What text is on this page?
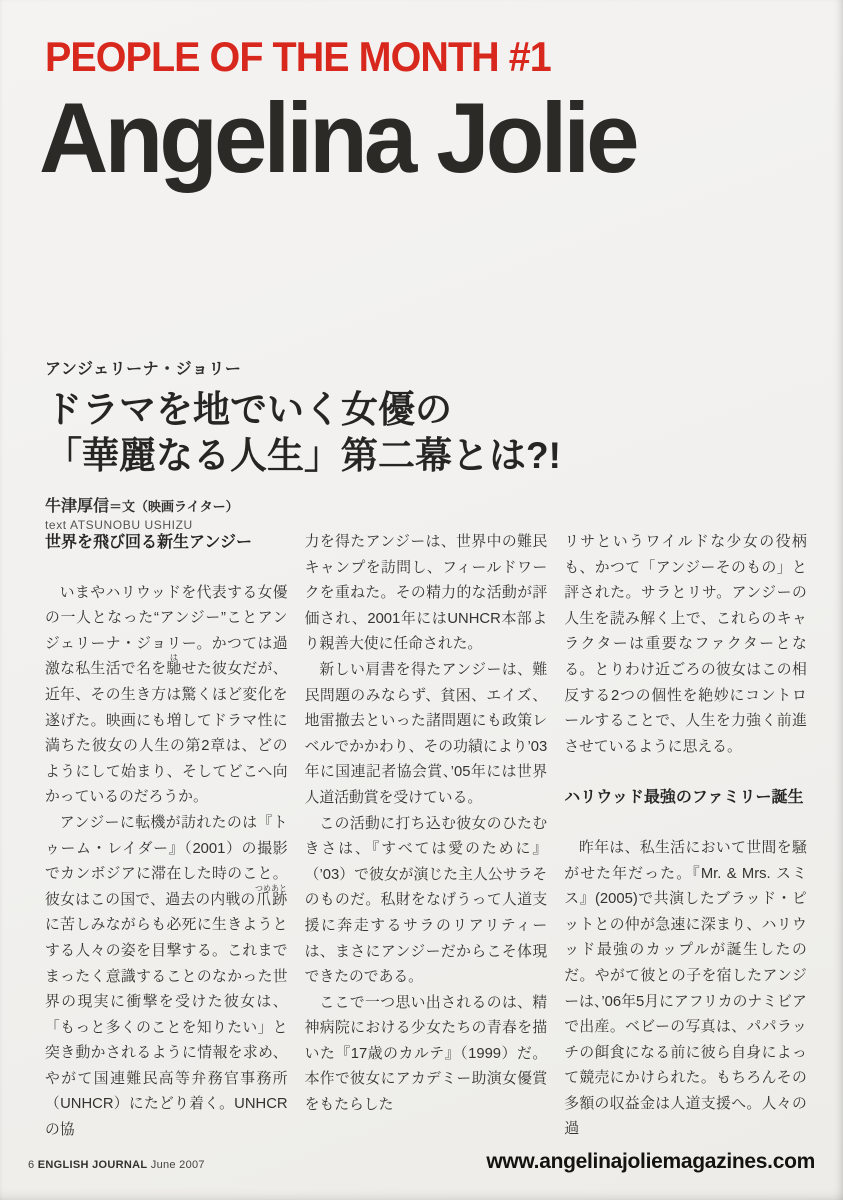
PEOPLE OF THE MONTH #1
Angelina Jolie
アンジェリーナ・ジョリー
ドラマを地でいく女優の
「華麗なる人生」第二幕とは?!
牛津厚信＝文（映画ライター）
text ATSUNOBU USHIZU
世界を飛び回る新生アンジー

いまやハリウッドを代表する女優の一人となった“アンジー”ことアンジェリーナ・ジョリー。かつては過激な私生活で名を馳はせた彼女だが、近年、その生き方は驚くほど変化を遂げた。映画にも増してドラマ性に満ちた彼女の人生の第2章は、どのようにして始まり、そしてどこへ向かっているのだろうか。

アンジーに転機が訪れたのは『トゥーム・レイダー』（2001）の撮影でカンボジアに滞在した時のこと。彼女はこの国で、過去の内戦の爪跡つめあとに苦しみながらも必死に生きようとする人々の姿を目撃する。これまでまったく意識することのなかった世界の現実に衝撃を受けた彼女は、「もっと多くのことを知りたい」と突き動かされるように情報を求め、やがて国連難民高等弁務官事務所（UNHCR）にたどり着く。UNHCRの協

力を得たアンジーは、世界中の難民キャンプを訪問し、フィールドワークを重ねた。その精力的な活動が評価され、2001年にはUNHCR本部より親善大使に任命された。

新しい肩書を得たアンジーは、難民問題のみならず、貧困、エイズ、地雷撤去といった諸問題にも政策レベルでかかわり、その功績により’03年に国連記者協会賞、’05年には世界人道活動賞を受けている。

この活動に打ち込む彼女のひたむきさは、『すべては愛のために』（’03）で彼女が演じた主人公サラそのものだ。私財をなげうって人道支援に奔走するサラのリアリティーは、まさにアンジーだからこそ体現できたのである。

ここで一つ思い出されるのは、精神病院における少女たちの青春を描いた『17歳のカルテ』（1999）だ。本作で彼女にアカデミー助演女優賞をもたらした

リサというワイルドな少女の役柄も、かつて「アンジーそのもの」と評された。サラとリサ。アンジーの人生を読み解く上で、これらのキャラクターは重要なファクターとなる。とりわけ近ごろの彼女はこの相反する2つの個性を絶妙にコントロールすることで、人生を力強く前進させているように思える。

ハリウッド最強のファミリー誕生

昨年は、私生活において世間を騒がせた年だった。『Mr. & Mrs. スミス』(2005)で共演したブラッド・ピットとの仲が急速に深まり、ハリウッド最強のカップルが誕生したのだ。やがて彼との子を宿したアンジーは、’06年5月にアフリカのナミビアで出産。ベビーの写真は、パパラッチの餌食になる前に彼ら自身によって競売にかけられた。もちろんその多額の収益金は人道支援へ。人々の過

6 ENGLISH JOURNAL June 2007	www.angelinajoliemagazines.com
